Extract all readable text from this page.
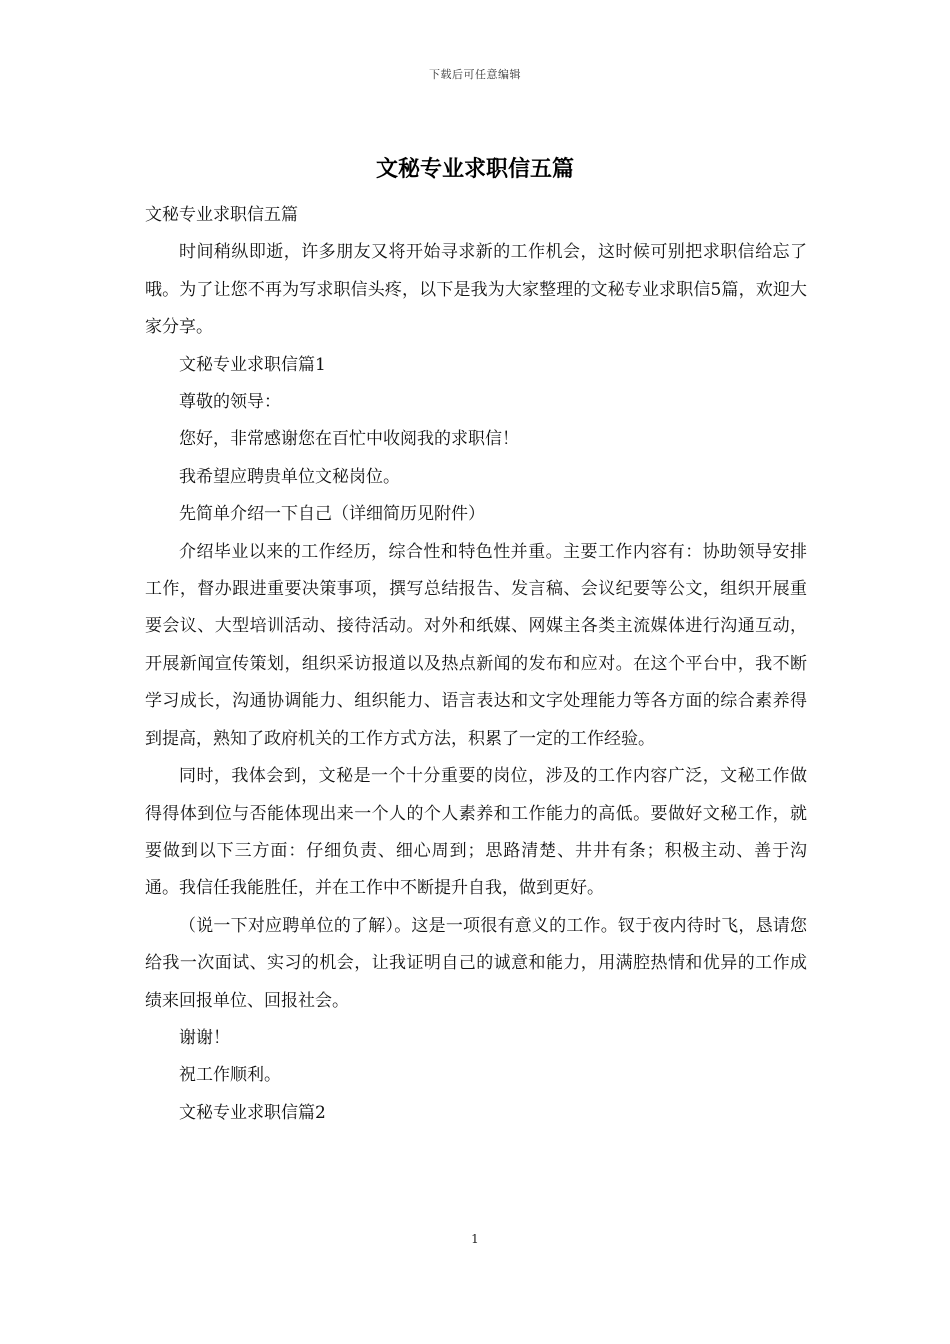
下载后可任意编辑
文秘专业求职信五篇

文秘专业求职信五篇

时间稍纵即逝，许多朋友又将开始寻求新的工作机会，这时候可别把求职信给忘了哦。为了让您不再为写求职信头疼，以下是我为大家整理的文秘专业求职信5篇，欢迎大家分享。

文秘专业求职信篇1

尊敬的领导：

您好，非常感谢您在百忙中收阅我的求职信！

我希望应聘贵单位文秘岗位。

先简单介绍一下自己（详细简历见附件）

介绍毕业以来的工作经历，综合性和特色性并重。主要工作内容有：协助领导安排工作，督办跟进重要决策事项，撰写总结报告、发言稿、会议纪要等公文，组织开展重要会议、大型培训活动、接待活动。对外和纸媒、网媒主各类主流媒体进行沟通互动，开展新闻宣传策划，组织采访报道以及热点新闻的发布和应对。在这个平台中，我不断学习成长，沟通协调能力、组织能力、语言表达和文字处理能力等各方面的综合素养得到提高，熟知了政府机关的工作方式方法，积累了一定的工作经验。

同时，我体会到，文秘是一个十分重要的岗位，涉及的工作内容广泛，文秘工作做得得体到位与否能体现出来一个人的个人素养和工作能力的高低。要做好文秘工作，就要做到以下三方面：仔细负责、细心周到；思路清楚、井井有条；积极主动、善于沟通。我信任我能胜任，并在工作中不断提升自我，做到更好。

（说一下对应聘单位的了解）。这是一项很有意义的工作。钗于夜内待时飞，恳请您给我一次面试、实习的机会，让我证明自己的诚意和能力，用满腔热情和优异的工作成绩来回报单位、回报社会。

谢谢！

祝工作顺利。

文秘专业求职信篇2

1
